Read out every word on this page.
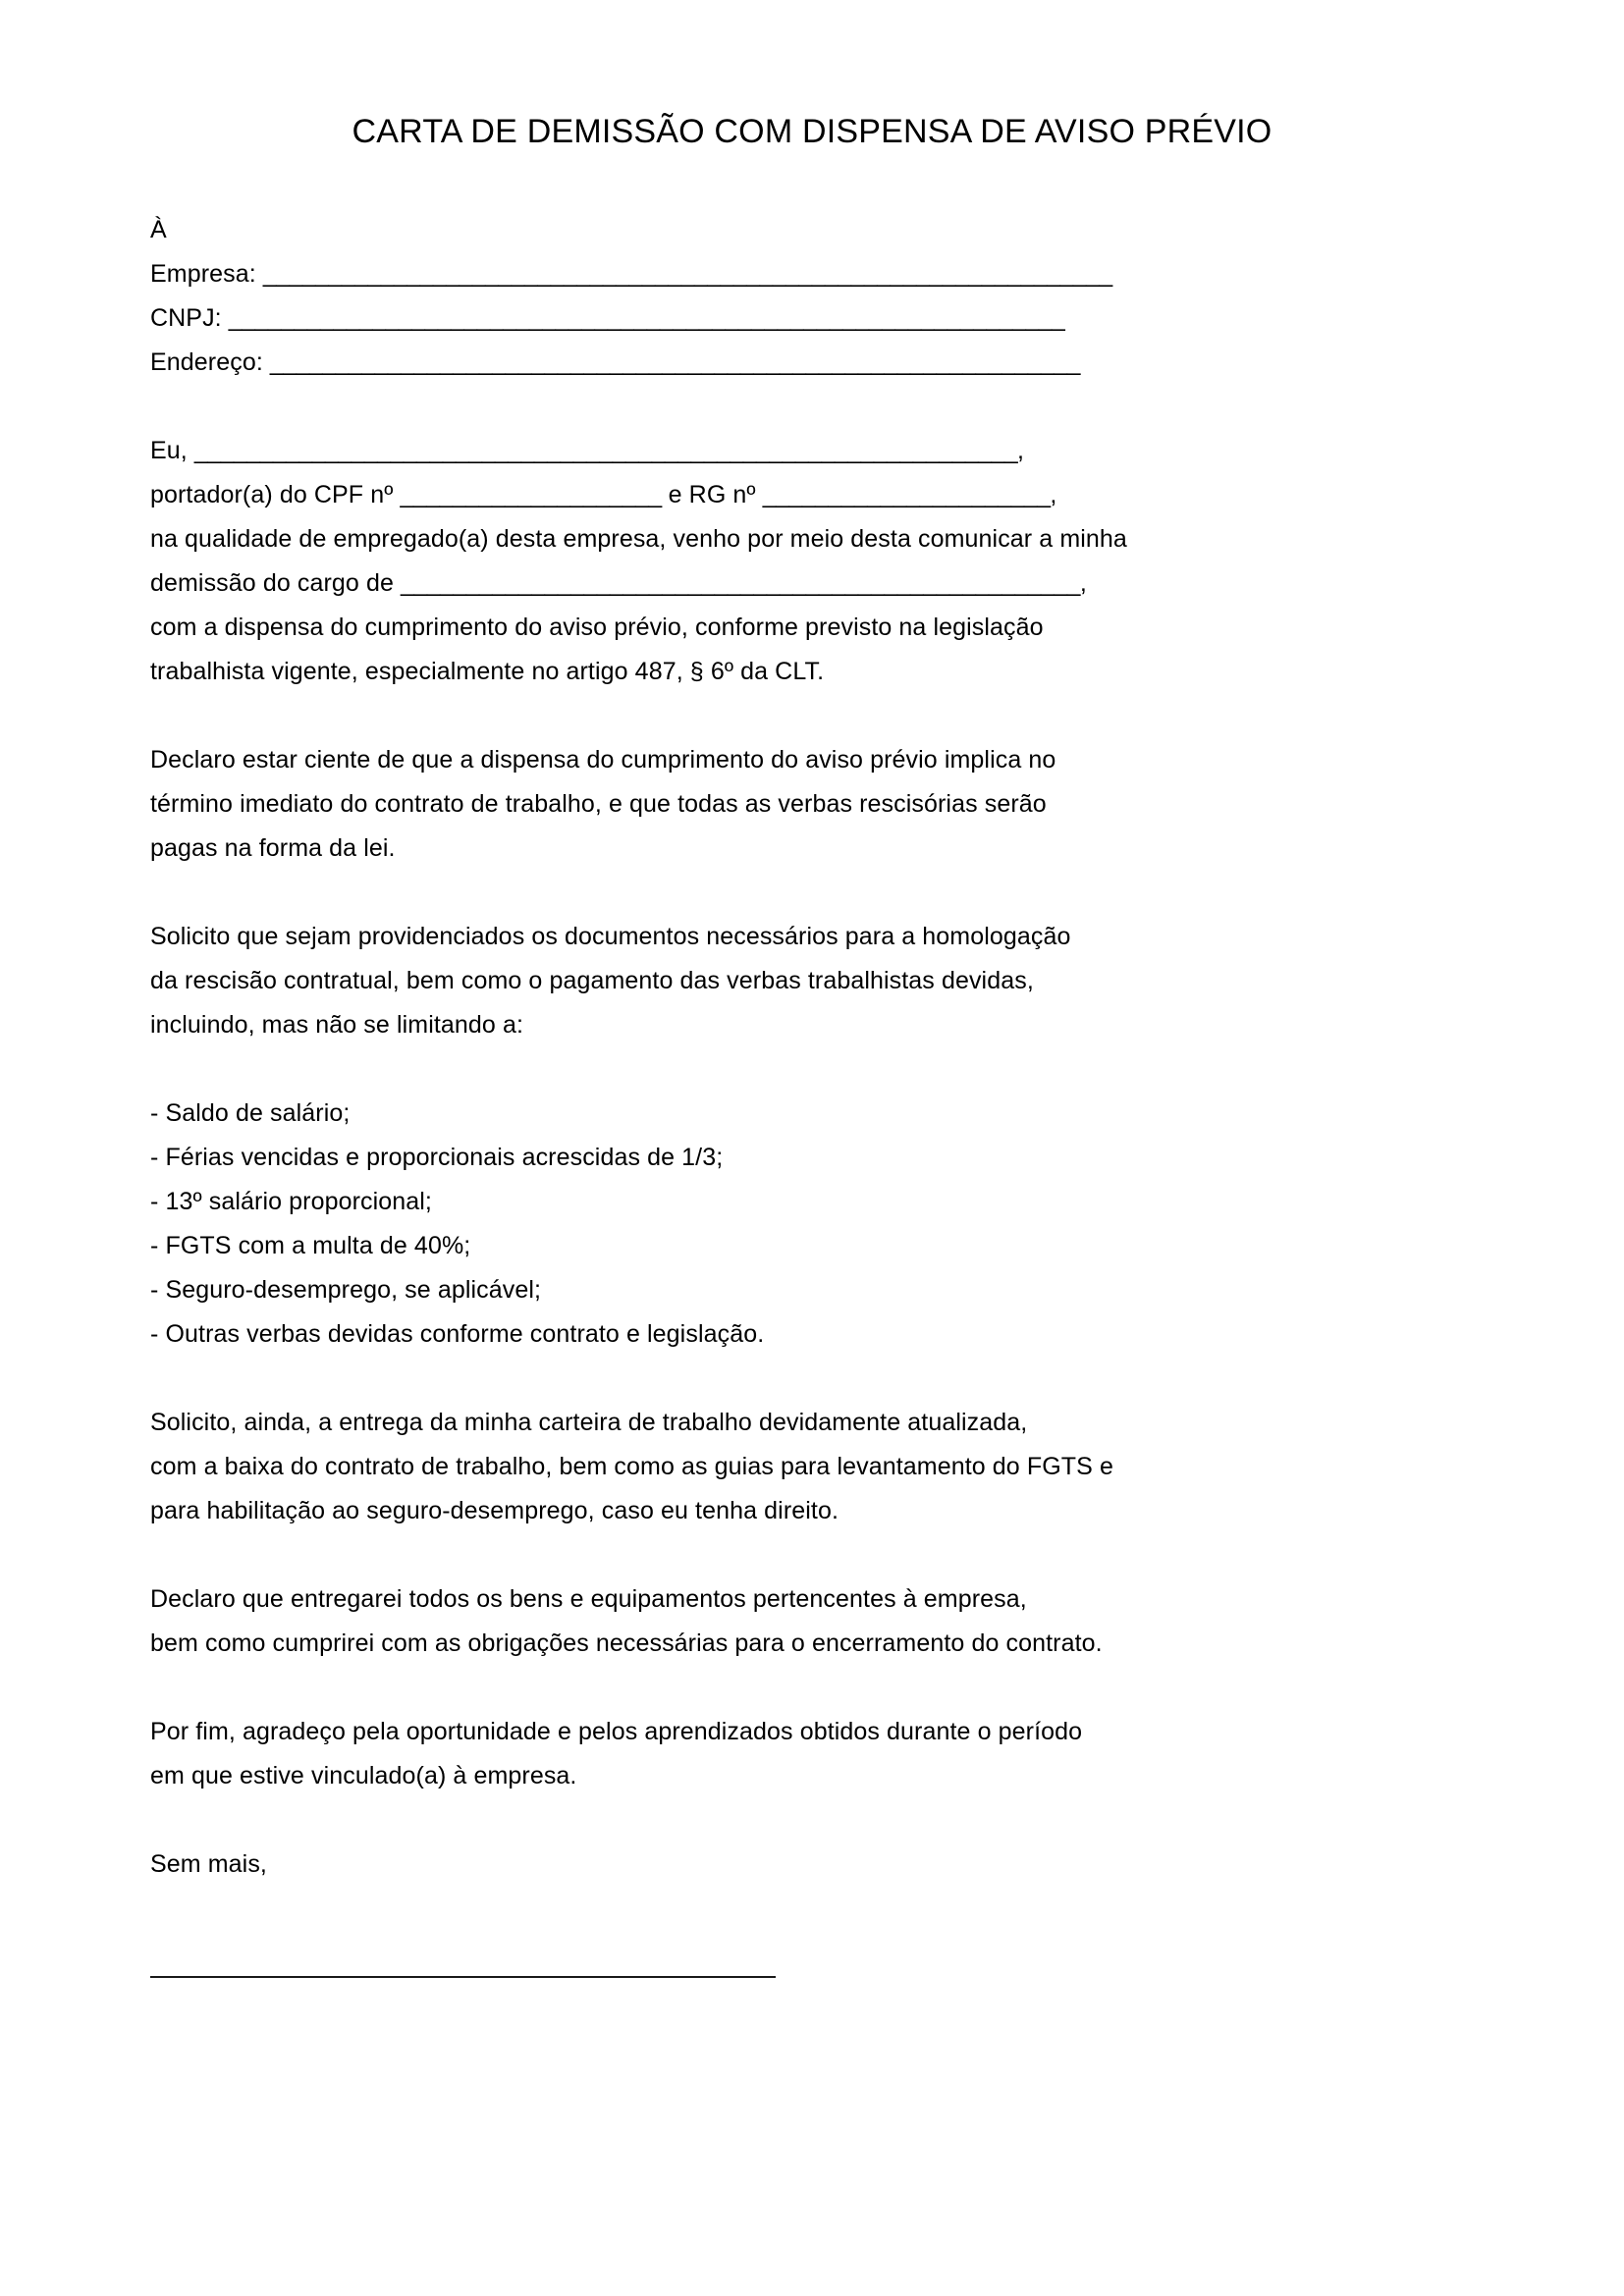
CARTA DE DEMISSÃO COM DISPENSA DE AVISO PRÉVIO
À
Empresa: _________________________________________________________________
CNPJ: ________________________________________________________________
Endereço: ______________________________________________________________
Eu, _______________________________________________________________,
portador(a) do CPF nº ____________________ e RG nº ______________________,
na qualidade de empregado(a) desta empresa, venho por meio desta comunicar a minha
demissão do cargo de ____________________________________________________,
com a dispensa do cumprimento do aviso prévio, conforme previsto na legislação
trabalhista vigente, especialmente no artigo 487, § 6º da CLT.
Declaro estar ciente de que a dispensa do cumprimento do aviso prévio implica no
término imediato do contrato de trabalho, e que todas as verbas rescisórias serão
pagas na forma da lei.
Solicito que sejam providenciados os documentos necessários para a homologação
da rescisão contratual, bem como o pagamento das verbas trabalhistas devidas,
incluindo, mas não se limitando a:
- Saldo de salário;
- Férias vencidas e proporcionais acrescidas de 1/3;
- 13º salário proporcional;
- FGTS com a multa de 40%;
- Seguro-desemprego, se aplicável;
- Outras verbas devidas conforme contrato e legislação.
Solicito, ainda, a entrega da minha carteira de trabalho devidamente atualizada,
com a baixa do contrato de trabalho, bem como as guias para levantamento do FGTS e
para habilitação ao seguro-desemprego, caso eu tenha direito.
Declaro que entregarei todos os bens e equipamentos pertencentes à empresa,
bem como cumprirei com as obrigações necessárias para o encerramento do contrato.
Por fim, agradeço pela oportunidade e pelos aprendizados obtidos durante o período
em que estive vinculado(a) à empresa.
Sem mais,
